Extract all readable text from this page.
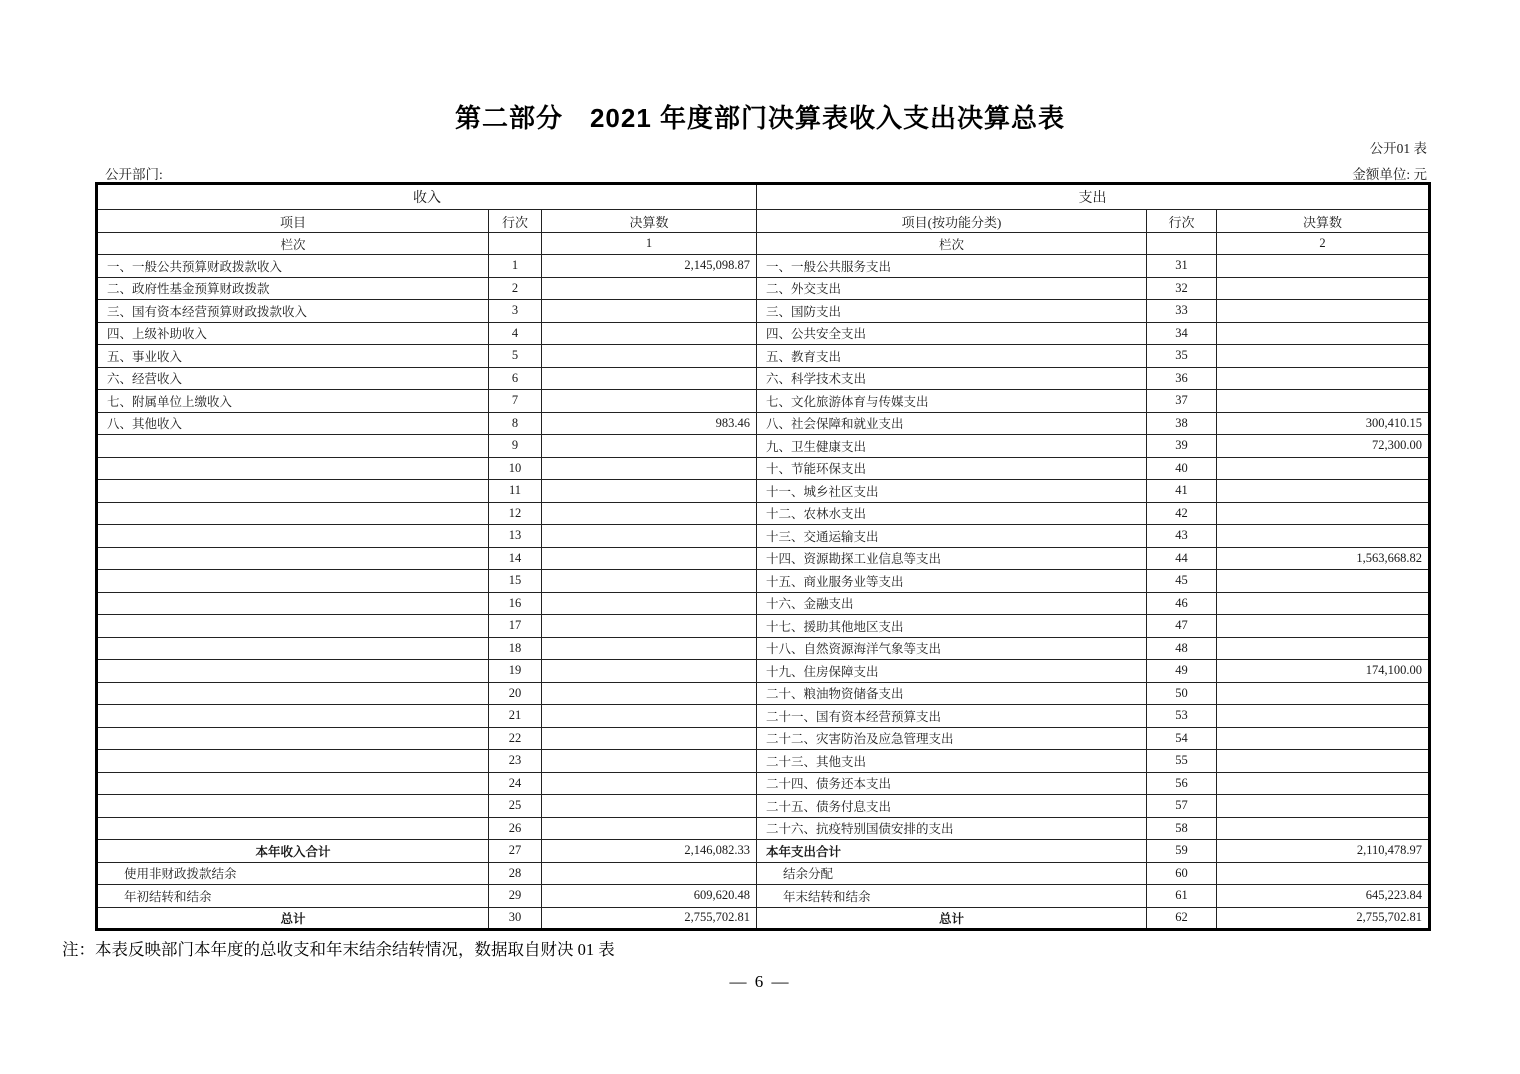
第二部分　2021 年度部门决算表收入支出决算总表
公开01 表
公开部门:	金额单位: 元
收入			支出		
项目	行次	决算数	项目(按功能分类)	行次	决算数
栏次		1	栏次		2
一、一般公共预算财政拨款收入	1	2,145,098.87	一、一般公共服务支出	31	
二、政府性基金预算财政拨款	2		二、外交支出	32	
三、国有资本经营预算财政拨款收入	3		三、国防支出	33	
四、上级补助收入	4		四、公共安全支出	34	
五、事业收入	5		五、教育支出	35	
六、经营收入	6		六、科学技术支出	36	
七、附属单位上缴收入	7		七、文化旅游体育与传媒支出	37	
八、其他收入	8	983.46	八、社会保障和就业支出	38	300,410.15
	9		九、卫生健康支出	39	72,300.00
	10		十、节能环保支出	40	
	11		十一、城乡社区支出	41	
	12		十二、农林水支出	42	
	13		十三、交通运输支出	43	
	14		十四、资源勘探工业信息等支出	44	1,563,668.82
	15		十五、商业服务业等支出	45	
	16		十六、金融支出	46	
	17		十七、援助其他地区支出	47	
	18		十八、自然资源海洋气象等支出	48	
	19		十九、住房保障支出	49	174,100.00
	20		二十、粮油物资储备支出	50	
	21		二十一、国有资本经营预算支出	53	
	22		二十二、灾害防治及应急管理支出	54	
	23		二十三、其他支出	55	
	24		二十四、债务还本支出	56	
	25		二十五、债务付息支出	57	
	26		二十六、抗疫特别国债安排的支出	58	
本年收入合计	27	2,146,082.33	本年支出合计	59	2,110,478.97
使用非财政拨款结余	28		结余分配	60	
年初结转和结余	29	609,620.48	年末结转和结余	61	645,223.84
总计	30	2,755,702.81	总计	62	2,755,702.81
注：本表反映部门本年度的总收支和年末结余结转情况，数据取自财决 01 表
— 6 —
